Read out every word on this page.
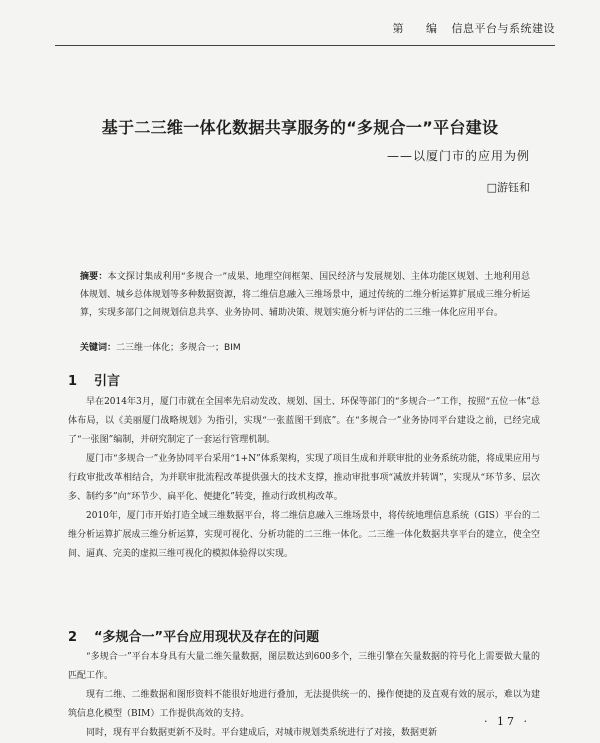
第 编 信息平台与系统建设
基于二三维一体化数据共享服务的“多规合一”平台建设
——以厦门市的应用为例
□游钰和
摘要：本文探讨集成利用“多规合一”成果、地理空间框架、国民经济与发展规划、主体功能区规划、土地利用总体规划、城乡总体规划等多种数据资源，将二维信息融入三维场景中，通过传统的二维分析运算扩展成三维分析运算，实现多部门之间规划信息共享、业务协同、辅助决策、规划实施分析与评估的二三维一体化应用平台。
关键词：二三维一体化；多规合一；BIM
1 引言

早在2014年3月，厦门市就在全国率先启动发改、规划、国土、环保等部门的“多规合一”工作，按照“五位一体”总体布局，以《美丽厦门战略规划》为指引，实现“一张蓝图干到底”。在“多规合一”业务协同平台建设之前，已经完成了“一张图”编制，并研究制定了一套运行管理机制。

厦门市“多规合一”业务协同平台采用“1+N”体系架构，实现了项目生成和并联审批的业务系统功能，将成果应用与行政审批改革相结合，为并联审批流程改革提供强大的技术支撑，推动审批事项“减放并转调”，实现从“环节多、层次多、制约多”向“环节少、扁平化、便捷化”转变，推动行政机构改革。

2010年，厦门市开始打造全域三维数据平台，将二维信息融入三维场景中，将传统地理信息系统（GIS）平台的二维分析运算扩展成三维分析运算，实现可视化、分析功能的二三维一体化。二三维一体化数据共享平台的建立，使全空间、逼真、完美的虚拟三维可视化的模拟体验得以实现。

2 “多规合一”平台应用现状及存在的问题

“多规合一”平台本身具有大量二维矢量数据，图层数达到600多个，三维引擎在矢量数据的符号化上需要做大量的匹配工作。

现有二维、二维数据和图形资料不能很好地进行叠加，无法提供统一的、操作便捷的及直观有效的展示，难以为建筑信息化模型（BIM）工作提供高效的支持。

同时，现有平台数据更新不及时。平台建成后，对城市规划类系统进行了对接，数据更新

· 17 ·
